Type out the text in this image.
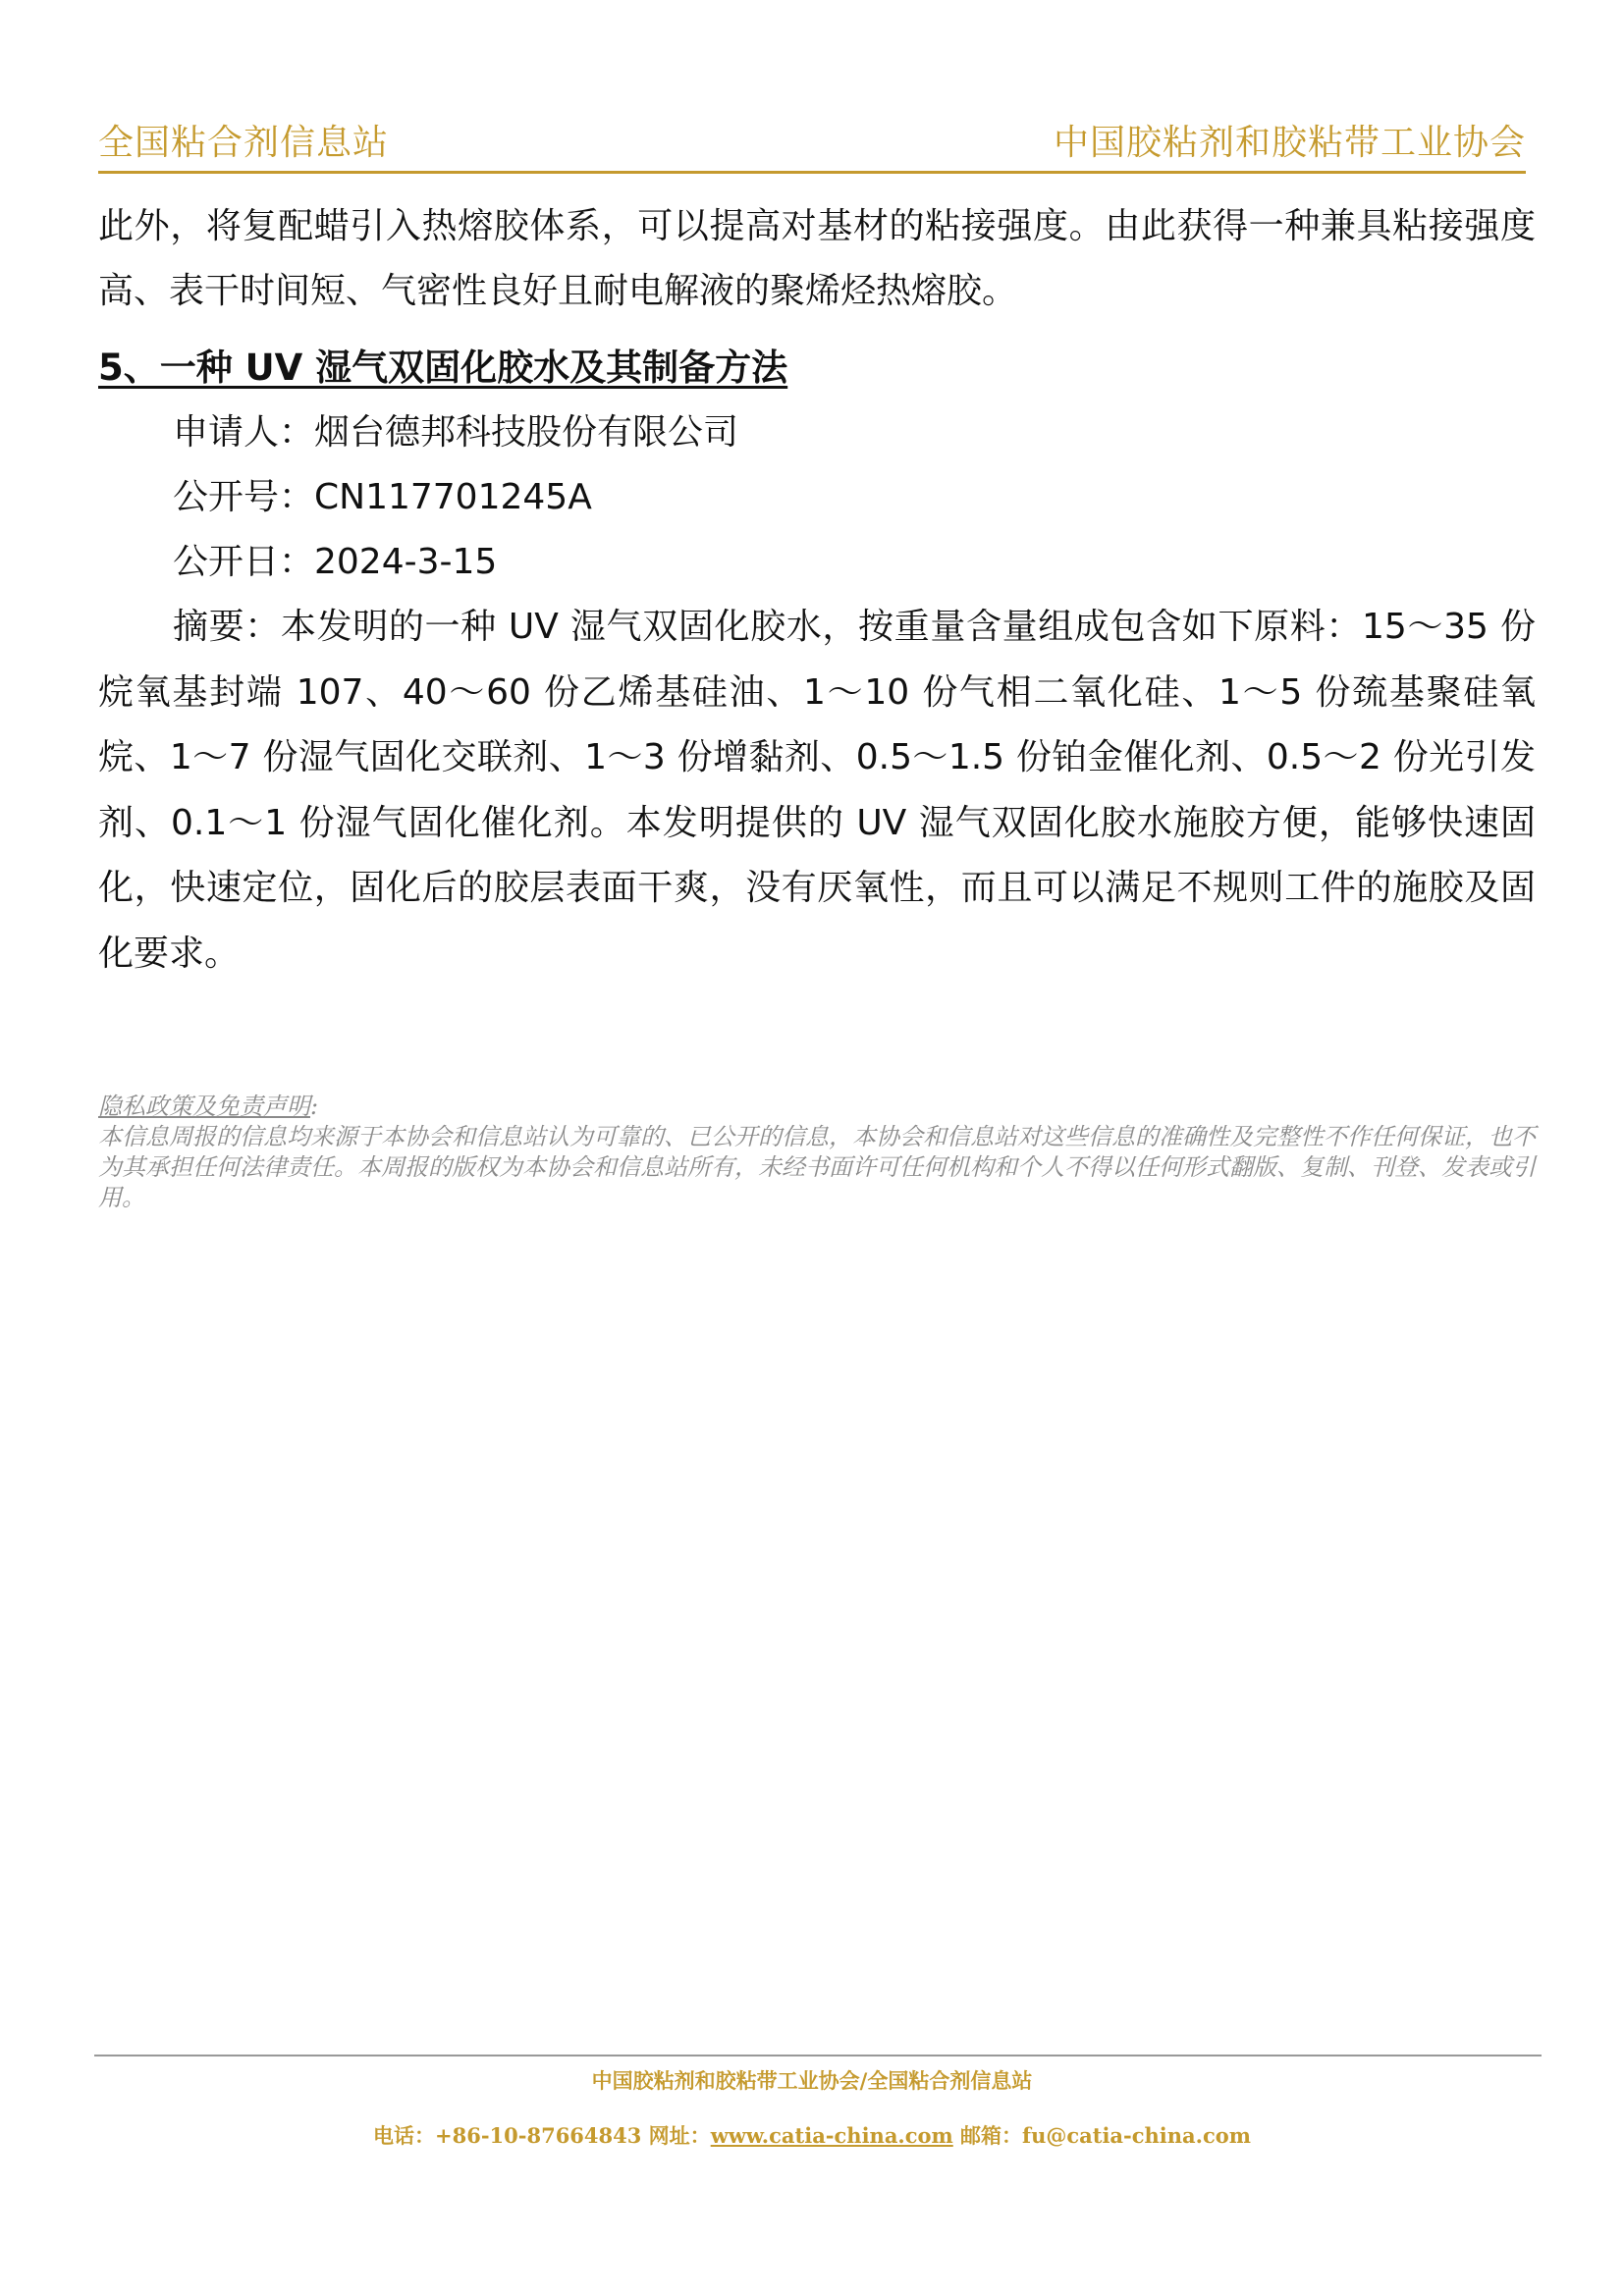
全国粘合剂信息站	中国胶粘剂和胶粘带工业协会

此外，将复配蜡引入热熔胶体系，可以提高对基材的粘接强度。由此获得一种兼具粘接强度高、表干时间短、气密性良好且耐电解液的聚烯烃热熔胶。

5、一种 UV 湿气双固化胶水及其制备方法

申请人：烟台德邦科技股份有限公司

公开号：CN117701245A

公开日：2024-3-15

摘要：本发明的一种 UV 湿气双固化胶水，按重量含量组成包含如下原料：15～35 份烷氧基封端 107、40～60 份乙烯基硅油、1～10 份气相二氧化硅、1～5 份巯基聚硅氧烷、1～7 份湿气固化交联剂、1～3 份增黏剂、0.5～1.5 份铂金催化剂、0.5～2 份光引发剂、0.1～1 份湿气固化催化剂。本发明提供的 UV 湿气双固化胶水施胶方便，能够快速固化，快速定位，固化后的胶层表面干爽，没有厌氧性，而且可以满足不规则工件的施胶及固化要求。

隐私政策及免责声明:
本信息周报的信息均来源于本协会和信息站认为可靠的、已公开的信息，本协会和信息站对这些信息的准确性及完整性不作任何保证，也不为其承担任何法律责任。本周报的版权为本协会和信息站所有，未经书面许可任何机构和个人不得以任何形式翻版、复制、刊登、发表或引用。
中国胶粘剂和胶粘带工业协会/全国粘合剂信息站
电话：+86-10-87664843 网址：www.catia-china.com 邮箱：fu@catia-china.com
